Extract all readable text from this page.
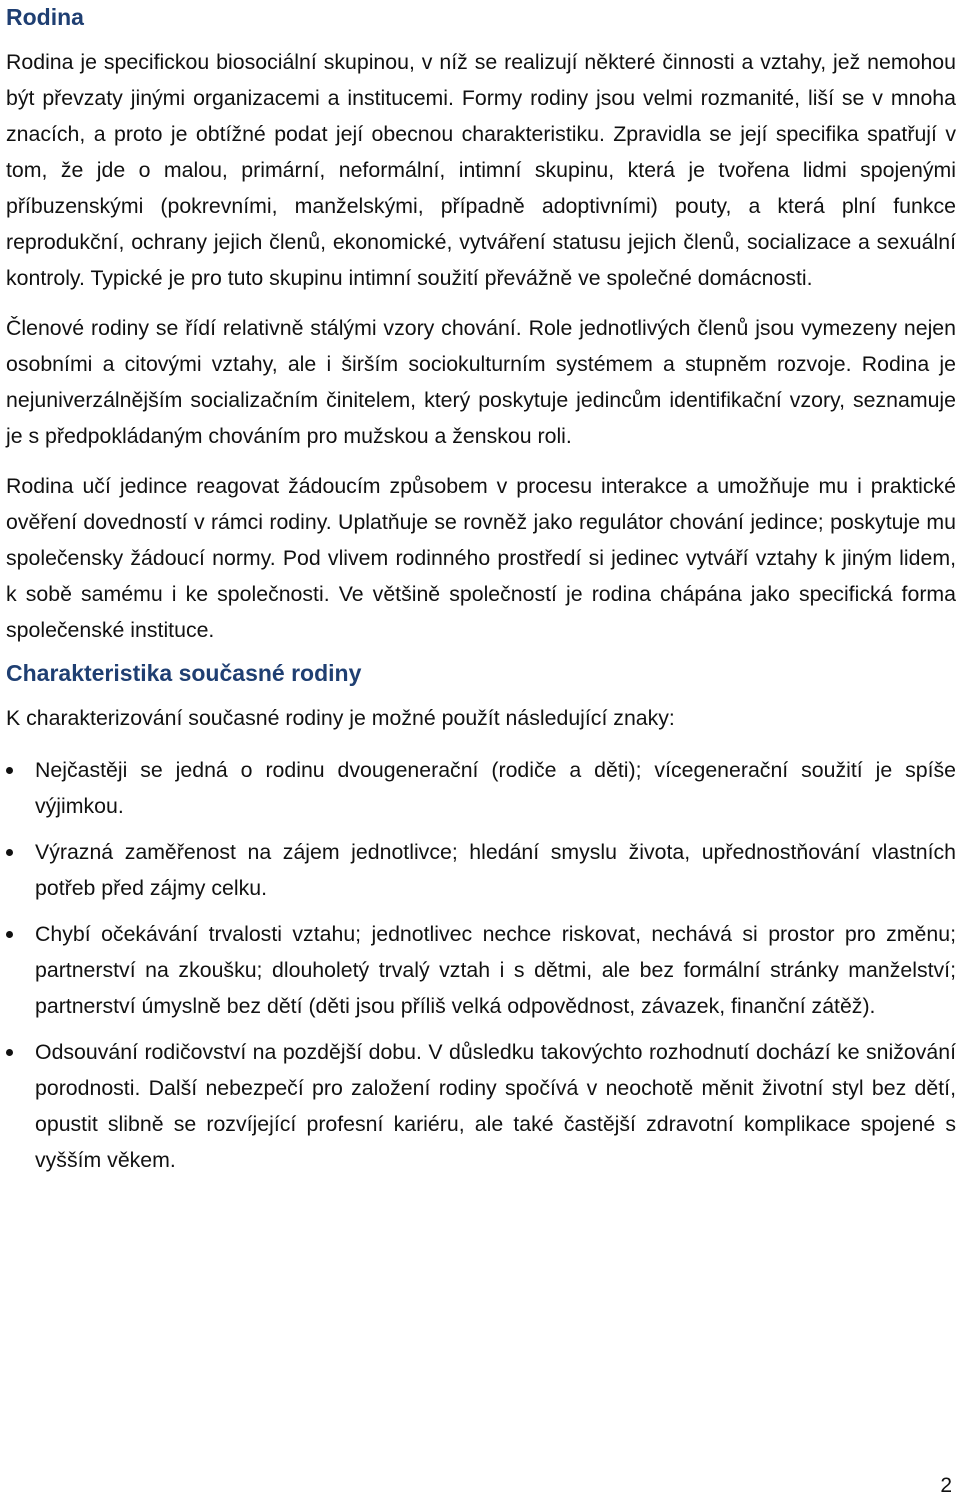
Rodina

Rodina je specifickou biosociální skupinou, v níž se realizují některé činnosti a vztahy, jež nemohou být převzaty jinými organizacemi a institucemi. Formy rodiny jsou velmi rozmanité, liší se v mnoha znacích, a proto je obtížné podat její obecnou charakteristiku. Zpravidla se její specifika spatřují v tom, že jde o malou, primární, neformální, intimní skupinu, která je tvořena lidmi spojenými příbuzenskými (pokrevními, manželskými, případně adoptivními) pouty, a která plní funkce reprodukční, ochrany jejich členů, ekonomické, vytváření statusu jejich členů, socializace a sexuální kontroly. Typické je pro tuto skupinu intimní soužití převážně ve společné domácnosti.

Členové rodiny se řídí relativně stálými vzory chování. Role jednotlivých členů jsou vymezeny nejen osobními a citovými vztahy, ale i širším sociokulturním systémem a stupněm rozvoje. Rodina je nejuniverzálnějším socializačním činitelem, který poskytuje jedincům identifikační vzory, seznamuje je s předpokládaným chováním pro mužskou a ženskou roli.

Rodina učí jedince reagovat žádoucím způsobem v procesu interakce a umožňuje mu i praktické ověření dovedností v rámci rodiny. Uplatňuje se rovněž jako regulátor chování jedince; poskytuje mu společensky žádoucí normy. Pod vlivem rodinného prostředí si jedinec vytváří vztahy k jiným lidem, k sobě samému i ke společnosti. Ve většině společností je rodina chápána jako specifická forma společenské instituce.

Charakteristika současné rodiny

K charakterizování současné rodiny je možné použít následující znaky:

Nejčastěji se jedná o rodinu dvougenerační (rodiče a děti); vícegenerační soužití je spíše výjimkou.
Výrazná zaměřenost na zájem jednotlivce; hledání smyslu života, upřednostňování vlastních potřeb před zájmy celku.
Chybí očekávání trvalosti vztahu; jednotlivec nechce riskovat, nechává si prostor pro změnu; partnerství na zkoušku; dlouholetý trvalý vztah i s dětmi, ale bez formální stránky manželství; partnerství úmyslně bez dětí (děti jsou příliš velká odpovědnost, závazek, finanční zátěž).
Odsouvání rodičovství na pozdější dobu. V důsledku takovýchto rozhodnutí dochází ke snižování porodnosti. Další nebezpečí pro založení rodiny spočívá v neochotě měnit životní styl bez dětí, opustit slibně se rozvíjející profesní kariéru, ale také častější zdravotní komplikace spojené s vyšším věkem.
2
